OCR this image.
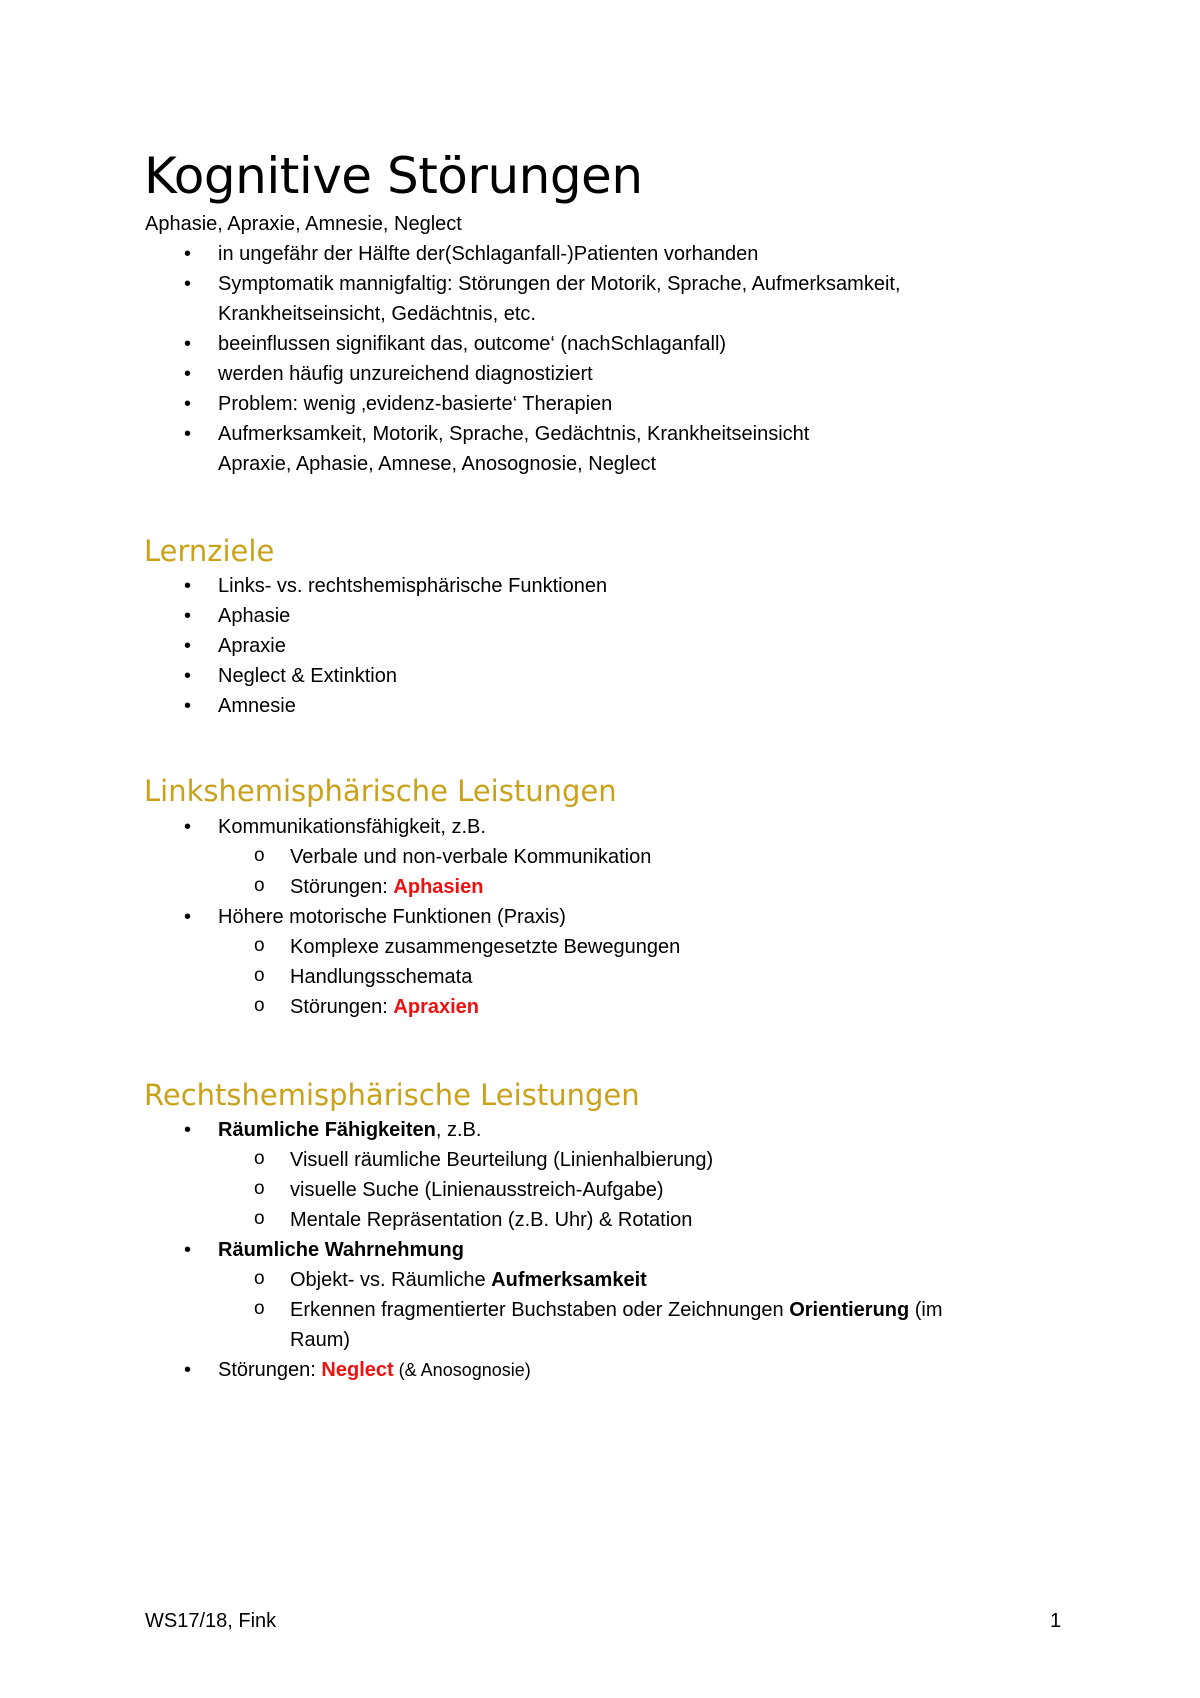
Kognitive Störungen
Aphasie, Apraxie, Amnesie, Neglect
• in ungefähr der Hälfte der(Schlaganfall-)Patienten vorhanden
• Symptomatik mannigfaltig: Störungen der Motorik, Sprache, Aufmerksamkeit,
Krankheitseinsicht, Gedächtnis, etc.
• beeinflussen signifikant das, outcome‘ (nachSchlaganfall)
• werden häufig unzureichend diagnostiziert
• Problem: wenig ‚evidenz-basierte‘ Therapien
• Aufmerksamkeit, Motorik, Sprache, Gedächtnis, Krankheitseinsicht
Apraxie, Aphasie, Amnese, Anosognosie, Neglect
Lernziele
• Links- vs. rechtshemisphärische Funktionen
• Aphasie
• Apraxie
• Neglect & Extinktion
• Amnesie
Linkshemisphärische Leistungen
• Kommunikationsfähigkeit, z.B.
o Verbale und non-verbale Kommunikation
o Störungen: Aphasien
• Höhere motorische Funktionen (Praxis)
o Komplexe zusammengesetzte Bewegungen
o Handlungsschemata
o Störungen: Apraxien
Rechtshemisphärische Leistungen
• Räumliche Fähigkeiten, z.B.
o Visuell räumliche Beurteilung (Linienhalbierung)
o visuelle Suche (Linienausstreich-Aufgabe)
o Mentale Repräsentation (z.B. Uhr) & Rotation
• Räumliche Wahrnehmung
o Objekt- vs. Räumliche Aufmerksamkeit
o Erkennen fragmentierter Buchstaben oder Zeichnungen Orientierung (im
Raum)
• Störungen: Neglect (& Anosognosie)
WS17/18, Fink	1
